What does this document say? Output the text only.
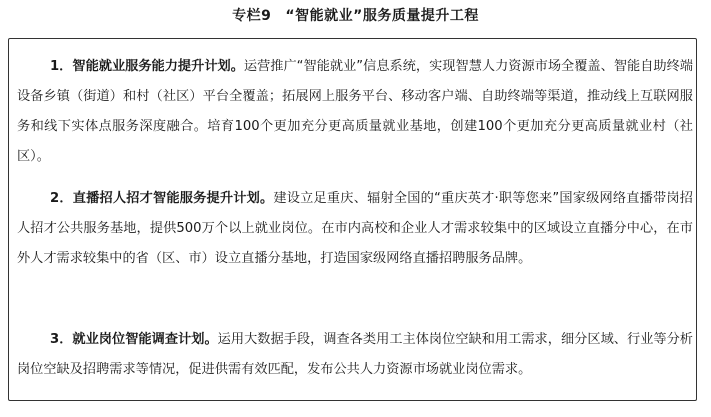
专栏9 “智能就业”服务质量提升工程

1．智能就业服务能力提升计划。运营推广“智能就业”信息系统，实现智慧人力资源市场全覆盖、智能自助终端设备乡镇（街道）和村（社区）平台全覆盖；拓展网上服务平台、移动客户端、自助终端等渠道，推动线上互联网服务和线下实体点服务深度融合。培育100个更加充分更高质量就业基地，创建100个更加充分更高质量就业村（社区）。

2．直播招人招才智能服务提升计划。建设立足重庆、辐射全国的“重庆英才·职等您来”国家级网络直播带岗招人招才公共服务基地，提供500万个以上就业岗位。在市内高校和企业人才需求较集中的区域设立直播分中心，在市外人才需求较集中的省（区、市）设立直播分基地，打造国家级网络直播招聘服务品牌。

3．就业岗位智能调查计划。运用大数据手段，调查各类用工主体岗位空缺和用工需求，细分区域、行业等分析岗位空缺及招聘需求等情况，促进供需有效匹配，发布公共人力资源市场就业岗位需求。
